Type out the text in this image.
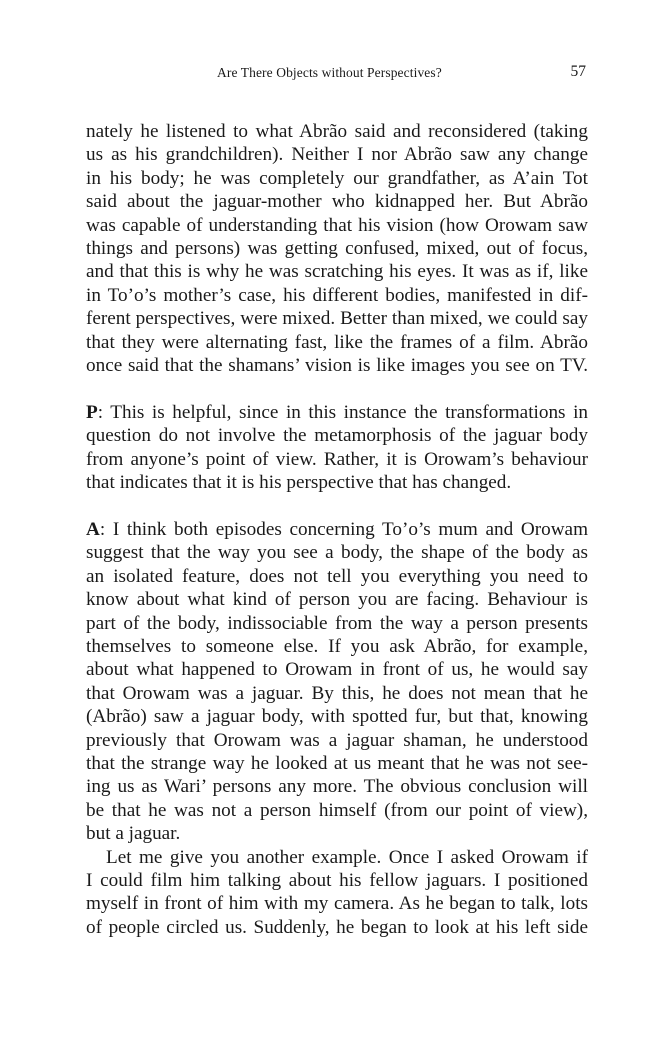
Are There Objects without Perspectives?	57

nately he listened to what Abrão said and reconsidered (taking
us as his grandchildren). Neither I nor Abrão saw any change
in his body; he was completely our grandfather, as A’ain Tot
said about the jaguar-mother who kidnapped her. But Abrão
was capable of understanding that his vision (how Orowam saw
things and persons) was getting confused, mixed, out of focus,
and that this is why he was scratching his eyes. It was as if, like
in To’o’s mother’s case, his different bodies, manifested in dif-
ferent perspectives, were mixed. Better than mixed, we could say
that they were alternating fast, like the frames of a film. Abrão
once said that the shamans’ vision is like images you see on TV.

P: This is helpful, since in this instance the transformations in
question do not involve the metamorphosis of the jaguar body
from anyone’s point of view. Rather, it is Orowam’s behaviour
that indicates that it is his perspective that has changed.

A: I think both episodes concerning To’o’s mum and Orowam
suggest that the way you see a body, the shape of the body as
an isolated feature, does not tell you everything you need to
know about what kind of person you are facing. Behaviour is
part of the body, indissociable from the way a person presents
themselves to someone else. If you ask Abrão, for example,
about what happened to Orowam in front of us, he would say
that Orowam was a jaguar. By this, he does not mean that he
(Abrão) saw a jaguar body, with spotted fur, but that, knowing
previously that Orowam was a jaguar shaman, he understood
that the strange way he looked at us meant that he was not see-
ing us as Wari’ persons any more. The obvious conclusion will
be that he was not a person himself (from our point of view),
but a jaguar.

Let me give you another example. Once I asked Orowam if
I could film him talking about his fellow jaguars. I positioned
myself in front of him with my camera. As he began to talk, lots
of people circled us. Suddenly, he began to look at his left side
